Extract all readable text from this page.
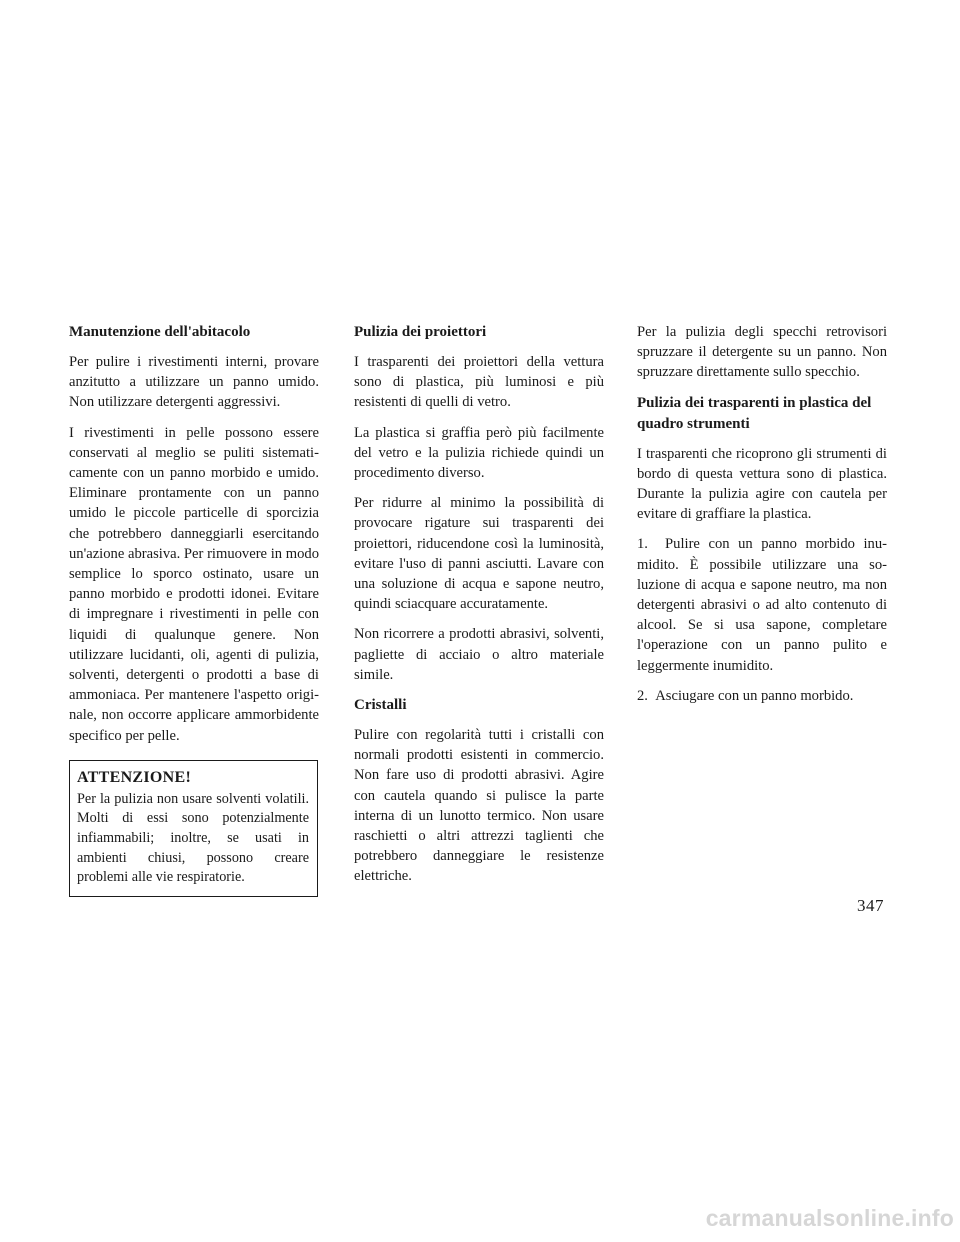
Manutenzione dell'abitacolo

Per pulire i rivestimenti interni, provare anzitutto a utilizzare un panno umido. Non utilizzare detergenti aggressivi.

I rivestimenti in pelle possono essere conservati al meglio se puliti sistematicamente con un panno morbido e umido. Eliminare prontamente con un panno umido le piccole particelle di sporcizia che potrebbero danneggiarli esercitando un'azione abrasiva. Per rimuovere in modo semplice lo sporco ostinato, usare un panno morbido e prodotti idonei. Evitare di impregnare i rivestimenti in pelle con liquidi di qualunque genere. Non utilizzare lucidanti, oli, agenti di pulizia, solventi, detergenti o prodotti a base di ammoniaca. Per mantenere l'aspetto originale, non occorre applicare ammorbidente specifico per pelle.

ATTENZIONE!

Per la pulizia non usare solventi volatili. Molti di essi sono potenzialmente infiammabili; inoltre, se usati in ambienti chiusi, possono creare problemi alle vie respiratorie.

Pulizia dei proiettori

I trasparenti dei proiettori della vettura sono di plastica, più luminosi e più resistenti di quelli di vetro.

La plastica si graffia però più facilmente del vetro e la pulizia richiede quindi un procedimento diverso.

Per ridurre al minimo la possibilità di provocare rigature sui trasparenti dei proiettori, riducendone così la luminosità, evitare l'uso di panni asciutti. Lavare con una soluzione di acqua e sapone neutro, quindi sciacquare accuratamente.

Non ricorrere a prodotti abrasivi, solventi, pagliette di acciaio o altro materiale simile.

Cristalli

Pulire con regolarità tutti i cristalli con normali prodotti esistenti in commercio. Non fare uso di prodotti abrasivi. Agire con cautela quando si pulisce la parte interna di un lunotto termico. Non usare raschietti o altri attrezzi taglienti che potrebbero danneggiare le resistenze elettriche.

Per la pulizia degli specchi retrovisori spruzzare il detergente su un panno. Non spruzzare direttamente sullo specchio.

Pulizia dei trasparenti in plastica del quadro strumenti

I trasparenti che ricoprono gli strumenti di bordo di questa vettura sono di plastica. Durante la pulizia agire con cautela per evitare di graffiare la plastica.

1.  Pulire con un panno morbido inumidito. È possibile utilizzare una soluzione di acqua e sapone neutro, ma non detergenti abrasivi o ad alto contenuto di alcool. Se si usa sapone, completare l'operazione con un panno pulito e leggermente inumidito.

2.  Asciugare con un panno morbido.

347
carmanualsonline.info
